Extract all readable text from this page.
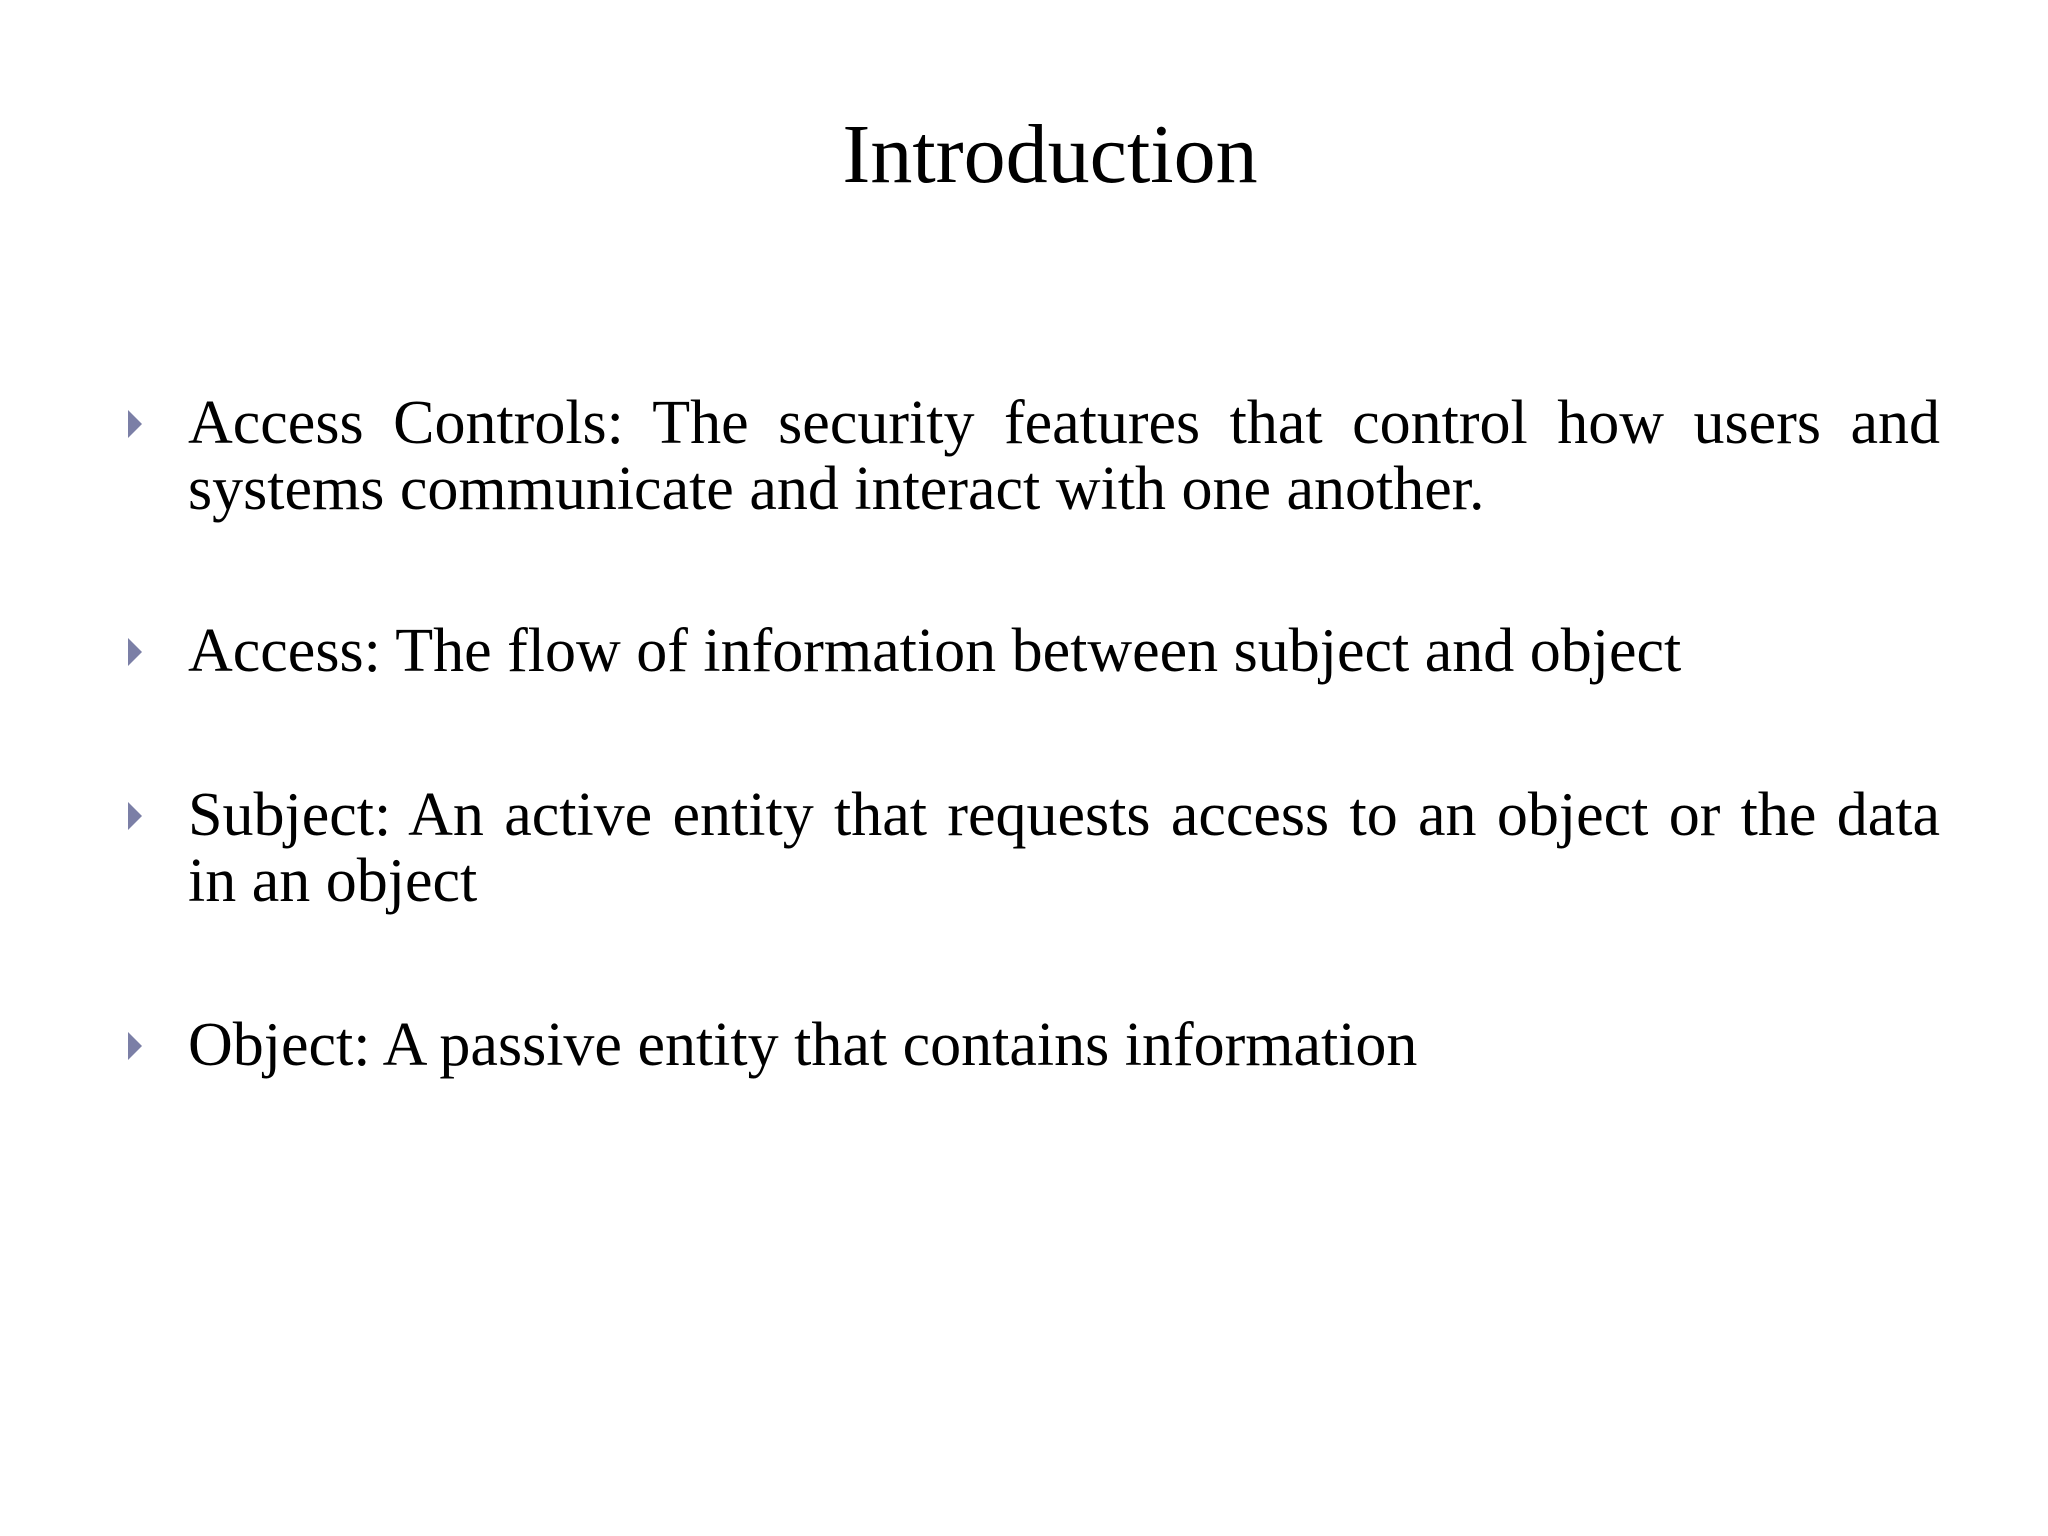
Introduction
Access Controls: The security features that control how users and systems communicate and interact with one another.
Access: The flow of information between subject and object
Subject: An active entity that requests access to an object or the data in an object
Object: A passive entity that contains information
